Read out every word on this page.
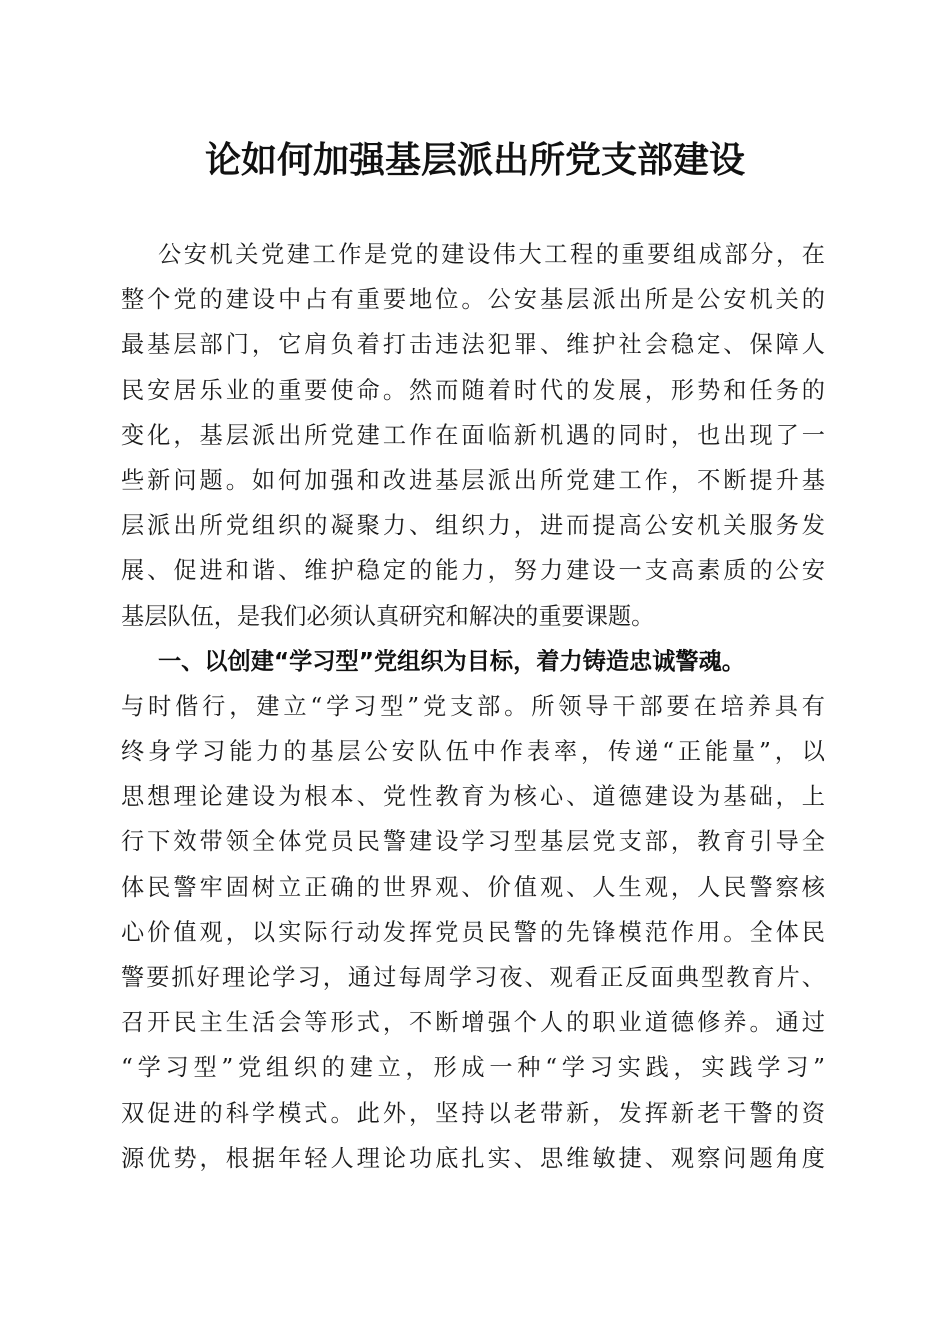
论如何加强基层派出所党支部建设
公安机关党建工作是党的建设伟大工程的重要组成部分，在
整个党的建设中占有重要地位。公安基层派出所是公安机关的
最基层部门，它肩负着打击违法犯罪、维护社会稳定、保障人
民安居乐业的重要使命。然而随着时代的发展，形势和任务的
变化，基层派出所党建工作在面临新机遇的同时，也出现了一
些新问题。如何加强和改进基层派出所党建工作，不断提升基
层派出所党组织的凝聚力、组织力，进而提高公安机关服务发
展、促进和谐、维护稳定的能力，努力建设一支高素质的公安
基层队伍，是我们必须认真研究和解决的重要课题。
一、以创建“学习型”党组织为目标，着力铸造忠诚警魂。
与时偕行，建立“学习型”党支部。所领导干部要在培养具有
终身学习能力的基层公安队伍中作表率，传递“正能量”，以
思想理论建设为根本、党性教育为核心、道德建设为基础，上
行下效带领全体党员民警建设学习型基层党支部，教育引导全
体民警牢固树立正确的世界观、价值观、人生观，人民警察核
心价值观，以实际行动发挥党员民警的先锋模范作用。全体民
警要抓好理论学习，通过每周学习夜、观看正反面典型教育片、
召开民主生活会等形式，不断增强个人的职业道德修养。通过
“学习型”党组织的建立，形成一种“学习实践，实践学习”
双促进的科学模式。此外，坚持以老带新，发挥新老干警的资
源优势，根据年轻人理论功底扎实、思维敏捷、观察问题角度
